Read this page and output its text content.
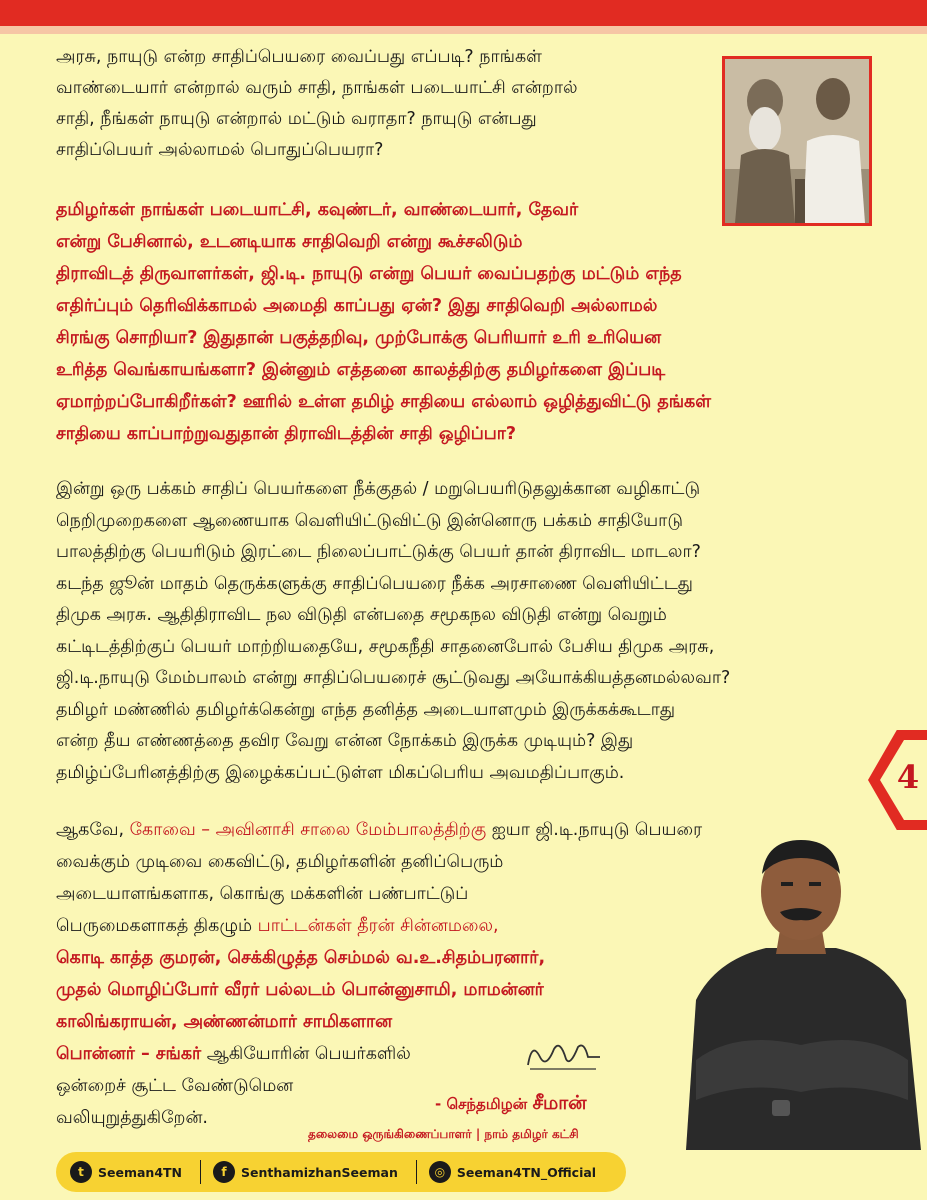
அரசு, நாயுடு என்ற சாதிப்பெயரை வைப்பது எப்படி? நாங்கள்

வாண்டையார் என்றால் வரும் சாதி, நாங்கள் படையாட்சி என்றால்

சாதி, நீங்கள் நாயுடு என்றால் மட்டும் வராதா? நாயுடு என்பது

சாதிப்பெயர் அல்லாமல் பொதுப்பெயரா?

தமிழர்கள் நாங்கள் படையாட்சி, கவுண்டர், வாண்டையார், தேவர்

என்று பேசினால், உடனடியாக சாதிவெறி என்று கூச்சலிடும்

திராவிடத் திருவாளர்கள், ஜி.டி. நாயுடு என்று பெயர் வைப்பதற்கு மட்டும் எந்த

எதிர்ப்பும் தெரிவிக்காமல் அமைதி காப்பது ஏன்? இது சாதிவெறி அல்லாமல்

சிரங்கு சொறியா? இதுதான் பகுத்தறிவு, முற்போக்கு பெரியார் உரி உரியென

உரித்த வெங்காயங்களா? இன்னும் எத்தனை காலத்திற்கு தமிழர்களை இப்படி

ஏமாற்றப்போகிறீர்கள்? ஊரில் உள்ள தமிழ் சாதியை எல்லாம் ஒழித்துவிட்டு தங்கள்

சாதியை காப்பாற்றுவதுதான் திராவிடத்தின் சாதி ஒழிப்பா?

இன்று ஒரு பக்கம் சாதிப் பெயர்களை நீக்குதல் / மறுபெயரிடுதலுக்கான வழிகாட்டு

நெறிமுறைகளை ஆணையாக வெளியிட்டுவிட்டு இன்னொரு பக்கம் சாதியோடு

பாலத்திற்கு பெயரிடும் இரட்டை நிலைப்பாட்டுக்கு பெயர் தான் திராவிட மாடலா?

கடந்த ஜூன் மாதம் தெருக்களுக்கு சாதிப்பெயரை நீக்க அரசாணை வெளியிட்டது

திமுக அரசு. ஆதிதிராவிட நல விடுதி என்பதை சமூகநல விடுதி என்று வெறும்

கட்டிடத்திற்குப் பெயர் மாற்றியதையே, சமூகநீதி சாதனைபோல் பேசிய திமுக அரசு,

ஜி.டி.நாயுடு மேம்பாலம் என்று சாதிப்பெயரைச் சூட்டுவது அயோக்கியத்தனமல்லவா?

தமிழர் மண்ணில் தமிழர்க்கென்று எந்த தனித்த அடையாளமும் இருக்கக்கூடாது

என்ற தீய எண்ணத்தை தவிர வேறு என்ன நோக்கம் இருக்க முடியும்? இது

தமிழ்ப்பேரினத்திற்கு இழைக்கப்பட்டுள்ள மிகப்பெரிய அவமதிப்பாகும்.	4

ஆகவே, கோவை – அவினாசி சாலை மேம்பாலத்திற்கு ஐயா ஜி.டி.நாயுடு பெயரை

வைக்கும் முடிவை கைவிட்டு, தமிழர்களின் தனிப்பெரும்

அடையாளங்களாக, கொங்கு மக்களின் பண்பாட்டுப்

பெருமைகளாகத் திகழும் பாட்டன்கள் தீரன் சின்னமலை,

கொடி காத்த குமரன், செக்கிழுத்த செம்மல் வ.உ.சிதம்பரனார்,

முதல் மொழிப்போர் வீரர் பல்லடம் பொன்னுசாமி, மாமன்னர்

காலிங்கராயன், அண்ணன்மார் சாமிகளான

பொன்னர் – சங்கர் ஆகியோரின் பெயர்களில்

ஒன்றைச் சூட்ட வேண்டுமென

வலியுறுத்துகிறேன்.

- செந்தமிழன் சீமான்
தலைமை ஒருங்கிணைப்பாளர் | நாம் தமிழர் கட்சி
t	Seeman4TN	f	SenthamizhanSeeman	◎ Seeman4TN_Official
